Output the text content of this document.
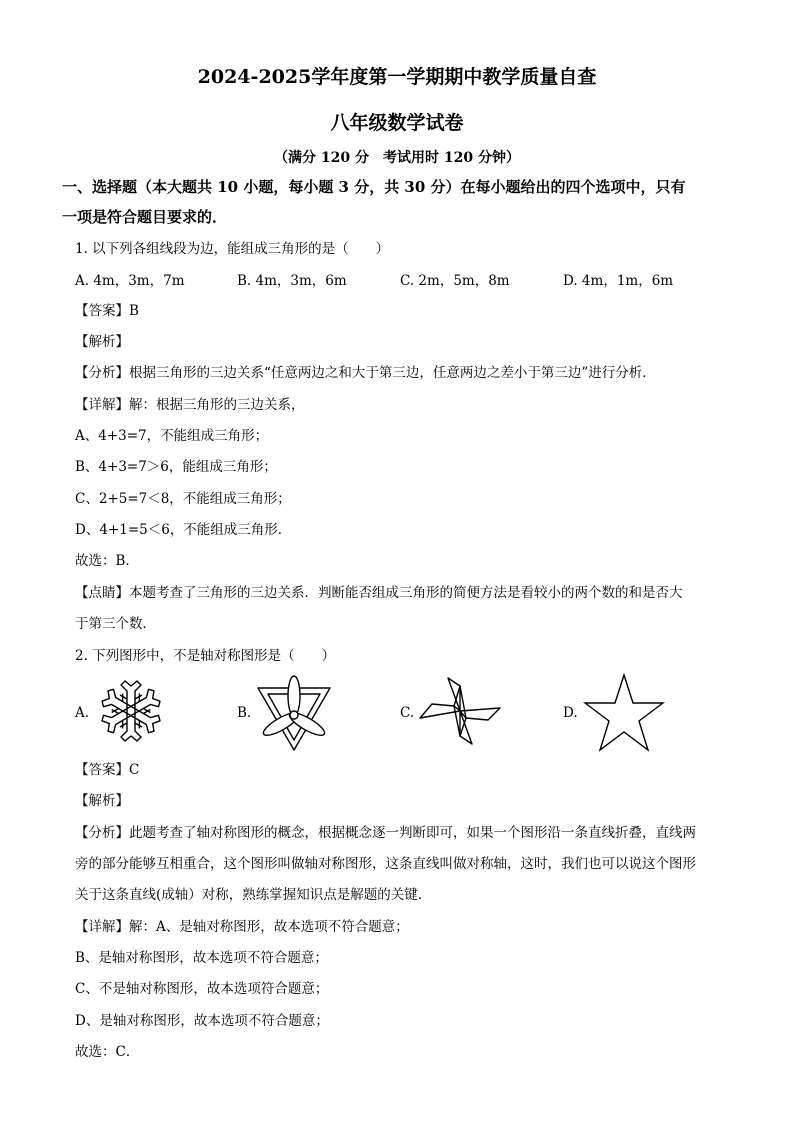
2024-2025学年度第一学期期中教学质量自查
八年级数学试卷
（满分 120 分　考试用时 120 分钟）
一、选择题（本大题共 10 小题，每小题 3 分，共 30 分）在每小题给出的四个选项中，只有
一项是符合题目要求的．
1. 以下列各组线段为边，能组成三角形的是（　　）
A. 4m，3m，7m	B. 4m，3m，6m	C. 2m，5m，8m	D. 4m，1m，6m
【答案】B
【解析】
【分析】根据三角形的三边关系“任意两边之和大于第三边，任意两边之差小于第三边”进行分析．
【详解】解：根据三角形的三边关系，
A、4+3=7，不能组成三角形；
B、4+3=7＞6，能组成三角形；
C、2+5=7＜8，不能组成三角形；
D、4+1=5＜6，不能组成三角形．
故选：B．
【点睛】本题考查了三角形的三边关系．判断能否组成三角形的简便方法是看较小的两个数的和是否大
于第三个数．
2. 下列图形中，不是轴对称图形是（　　）
A.	B.	C.	D.
【答案】C
【解析】
【分析】此题考查了轴对称图形的概念，根据概念逐一判断即可，如果一个图形沿一条直线折叠，直线两
旁的部分能够互相重合，这个图形叫做轴对称图形，这条直线叫做对称轴，这时，我们也可以说这个图形
关于这条直线(成轴）对称，熟练掌握知识点是解题的关键．
【详解】解：A、是轴对称图形，故本选项不符合题意；
B、是轴对称图形，故本选项不符合题意；
C、不是轴对称图形，故本选项符合题意；
D、是轴对称图形，故本选项不符合题意；
故选：C．
